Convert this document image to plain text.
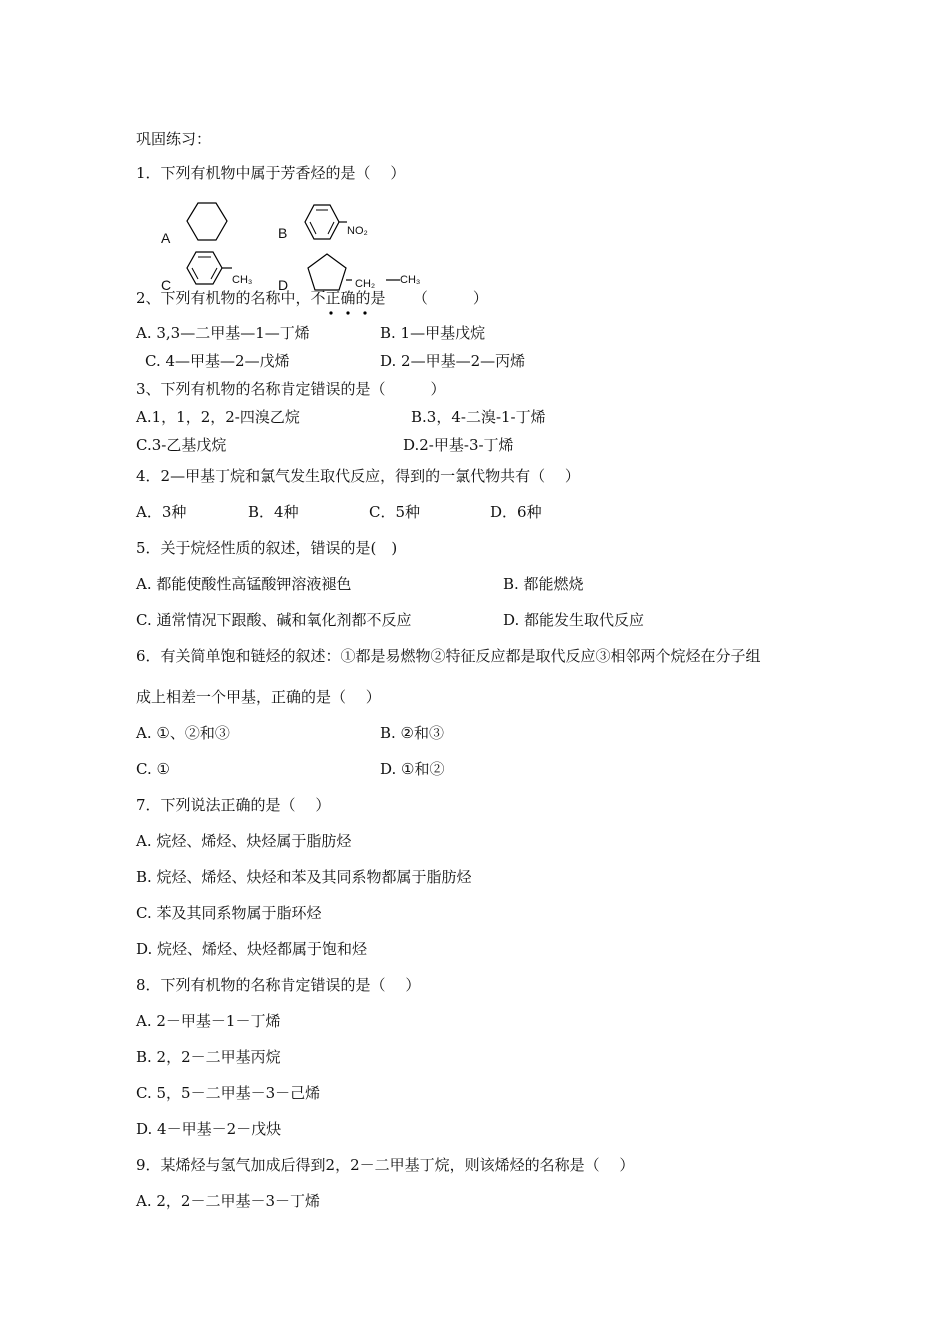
巩固练习：
1．下列有机物中属于芳香烃的是（　 ）
A	B
C	D
NO₂
CH₃	CH₂ CH₃
2、下列有机物的名称中，不正确的是 　　（　　　）
A. 3,3—二甲基—1—丁烯	B. 1—甲基戊烷
C. 4—甲基—2—戊烯	D. 2—甲基—2—丙烯
3、下列有机物的名称肯定错误的是（　　　）
A.1，1，2，2-四溴乙烷	B.3，4-二溴-1-丁烯
C.3-乙基戊烷	D.2-甲基-3-丁烯
4．2—甲基丁烷和氯气发生取代反应，得到的一氯代物共有（　 ）
A．3种	B．4种	C．5种	D．6种
5．关于烷烃性质的叙述，错误的是(　)
A. 都能使酸性高锰酸钾溶液褪色	B. 都能燃烧
C. 通常情况下跟酸、碱和氧化剂都不反应	D. 都能发生取代反应
6．有关简单饱和链烃的叙述：①都是易燃物②特征反应都是取代反应③相邻两个烷烃在分子组
成上相差一个甲基，正确的是（　 ）
A. ①、②和③	B. ②和③
C. ①	D. ①和②
7．下列说法正确的是（　 ）
A. 烷烃、烯烃、炔烃属于脂肪烃
B. 烷烃、烯烃、炔烃和苯及其同系物都属于脂肪烃
C. 苯及其同系物属于脂环烃
D. 烷烃、烯烃、炔烃都属于饱和烃
8．下列有机物的名称肯定错误的是（　 ）
A. 2－甲基－1－丁烯
B. 2，2－二甲基丙烷
C. 5，5－二甲基－3－己烯
D. 4－甲基－2－戊炔
9．某烯烃与氢气加成后得到2，2－二甲基丁烷，则该烯烃的名称是（　 ）
A. 2，2－二甲基－3－丁烯
